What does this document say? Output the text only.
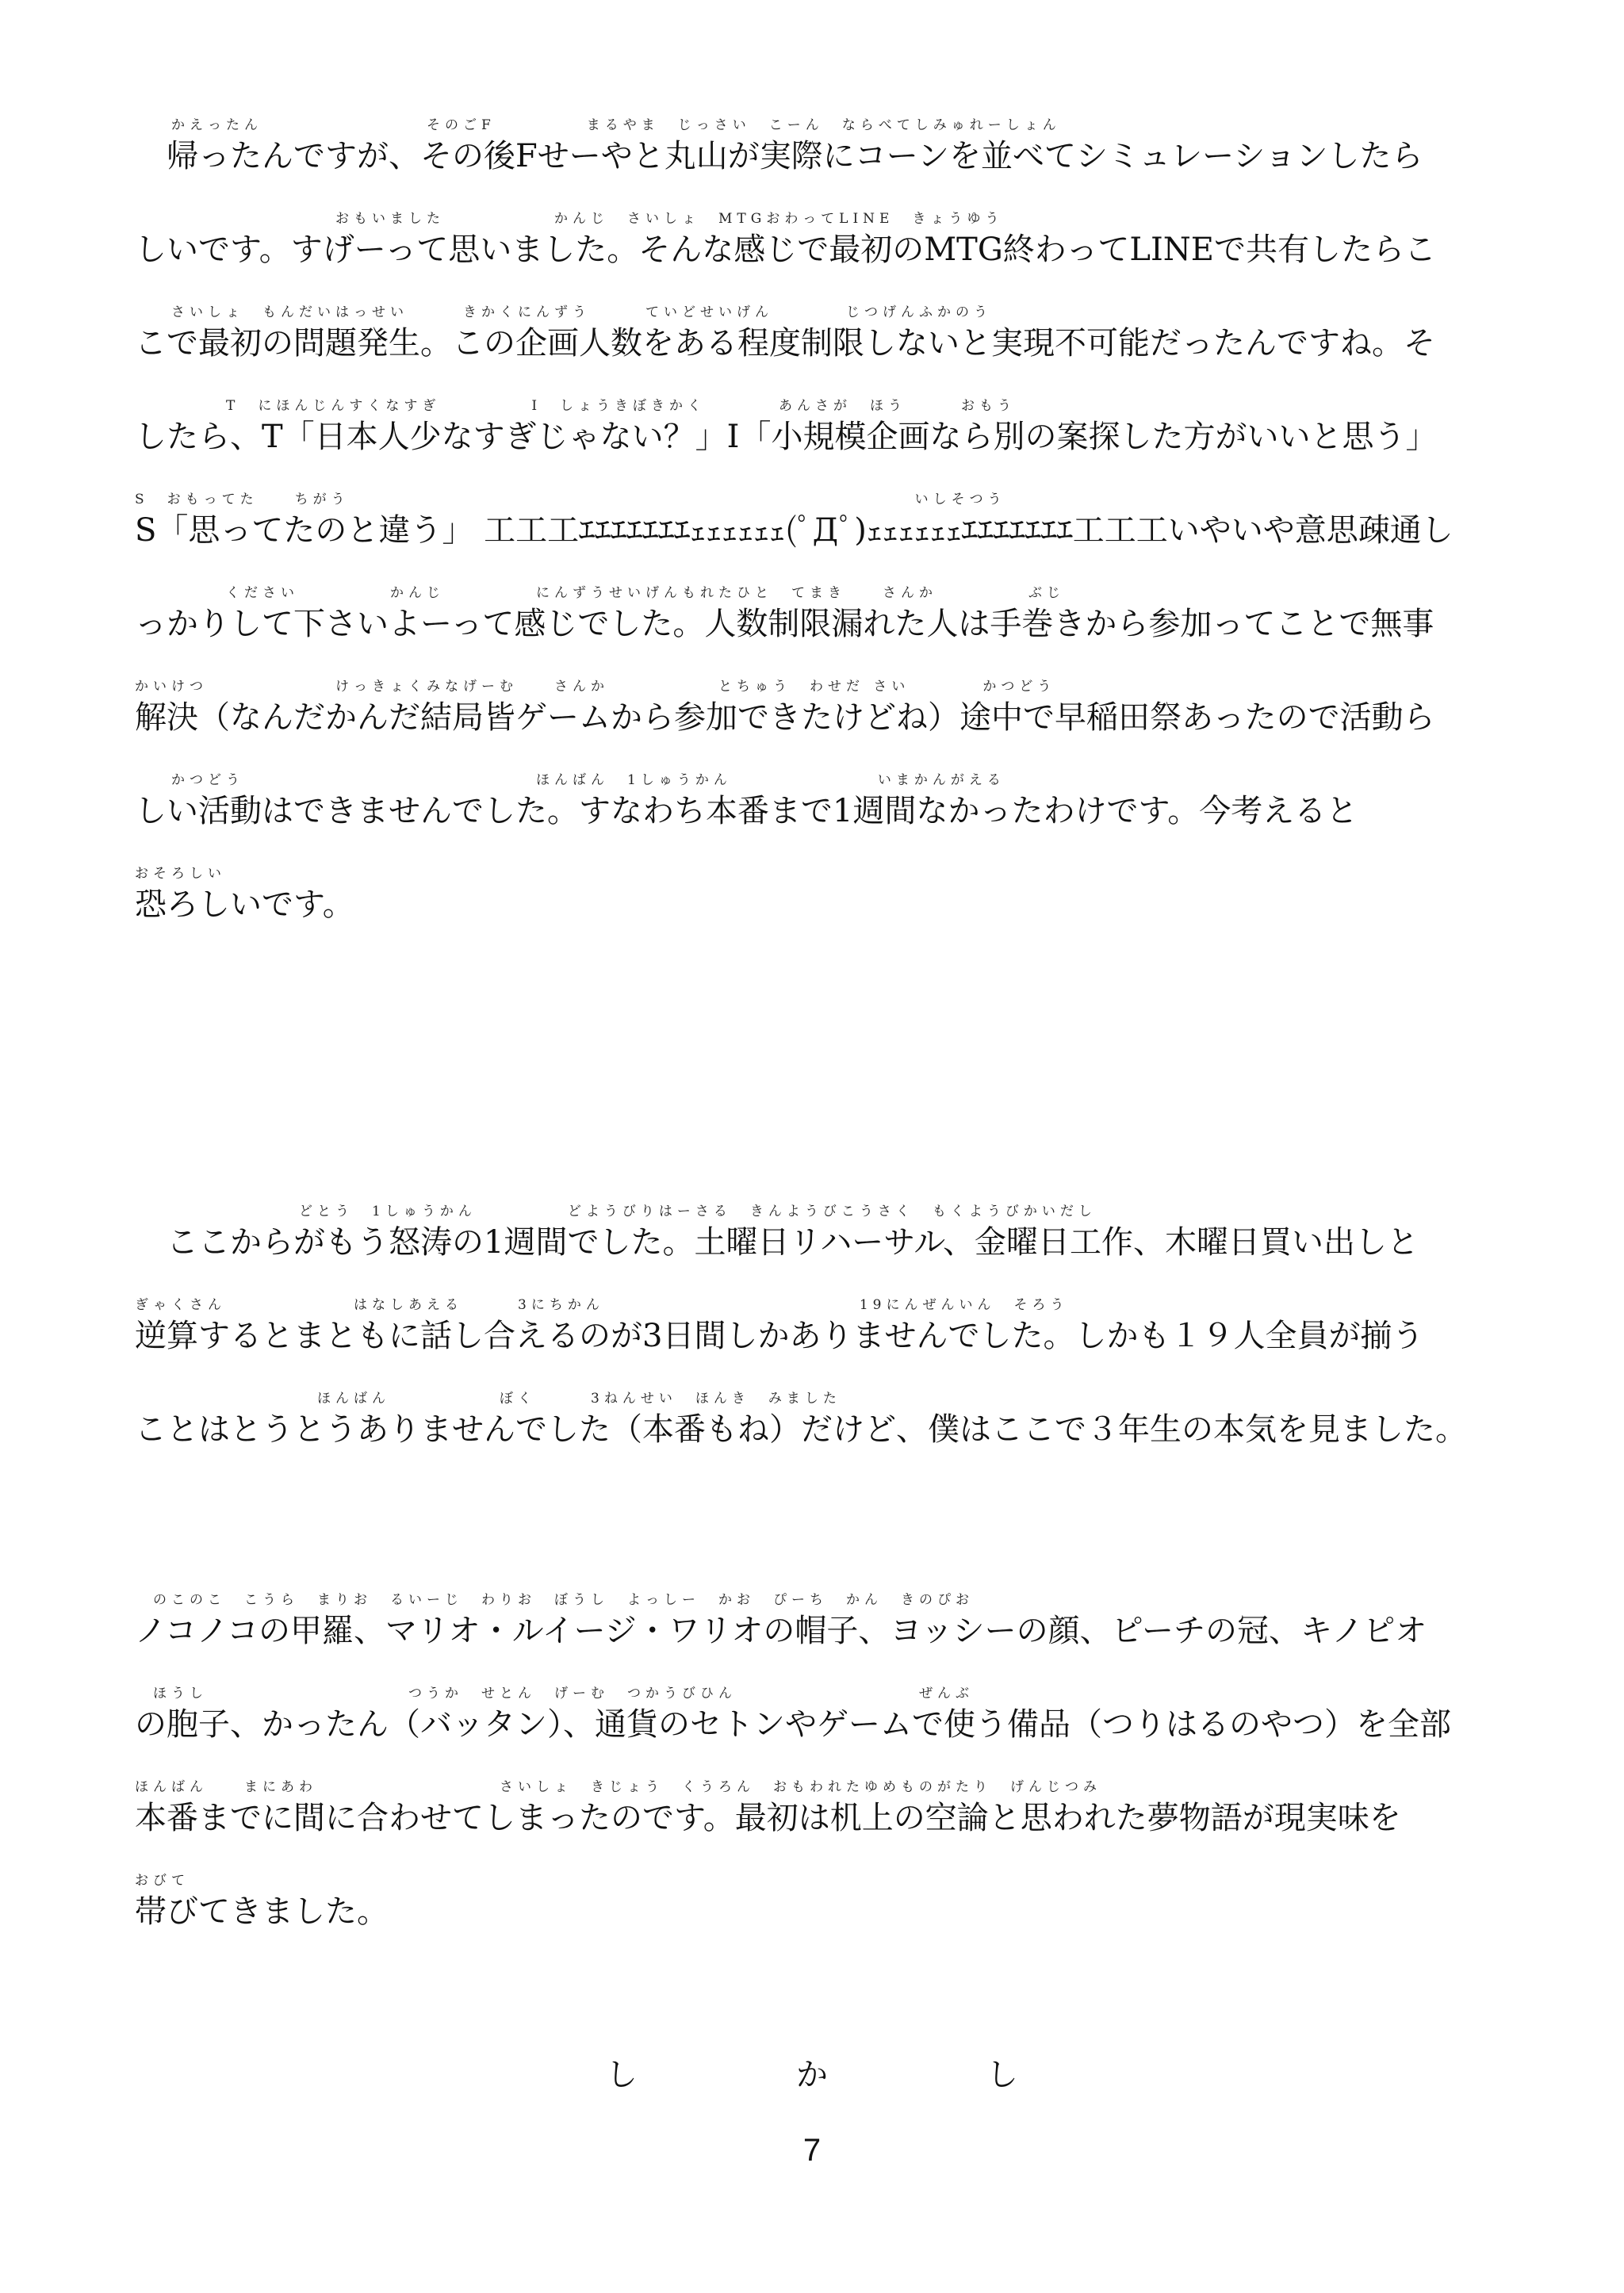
　　かえったん　　　　　　　　　そのごF　　　　　まるやま　じっさい　こーん　ならべてしみゅれーしょん
　帰ったんですが、その後Fせーやと丸山が実際にコーンを並べてシミュレーションしたら
　　　　　　　　　　　おもいました　　　　　　かんじ　さいしょ　MTGおわってLINE　きょうゆう
しいです。すげーって思いました。そんな感じで最初のMTG終わってLINEで共有したらこ
　　さいしょ　もんだいはっせい　　　きかくにんずう　　　ていどせいげん　　　　じつげんふかのう
こで最初の問題発生。この企画人数をある程度制限しないと実現不可能だったんですね。そ
　　　　　T　にほんじんすくなすぎ　　　　　I　しょうきぼきかく　　　　あんさが　ほう　　　おもう
したら、T「日本人少なすぎじゃない？」I「小規模企画なら別の案探した方がいいと思う」
S　おもってた　　ちがう　　　　　　　　　　　　　　　　　　　　　　　　　　　　　　　いしそつう
S「思ってたのと違う」 工工工ｴｴｴｴｴｴｴｪｪｪｪｪｪ(ﾟДﾟ)ｪｪｪｪｪｪｴｴｴｴｴｴｴ工工工いやいや意思疎通し
　　　　　ください　　　　　かんじ　　　　　にんずうせいげんもれたひと　てまき　　さんか　　　　　ぶじ
っかりして下さいよーって感じでした。人数制限漏れた人は手巻きから参加ってことで無事
かいけつ　　　　　　　けっきょくみなげーむ　　さんか　　　　　　とちゅう　わせだ さい　　　　かつどう
解決（なんだかんだ結局皆ゲームから参加できたけどね）途中で早稲田祭あったので活動ら
　　かつどう　　　　　　　　　　　　　　　　ほんばん　1しゅうかん　　　　　　　　いまかんがえる
しい活動はできませんでした。すなわち本番まで1週間なかったわけです。今考えると
おそろしい
恐ろしいです。
　　　　　　　　　どとう　1しゅうかん　　　　　どようびりはーさる　きんようびこうさく　もくようびかいだし
　ここからがもう怒涛の1週間でした。土曜日リハーサル、金曜日工作、木曜日買い出しと
ぎゃくさん　　　　　　　はなしあえる　　　3にちかん　　　　　　　　　　　　　　19にんぜんいん　そろう
逆算するとまともに話し合えるのが3日間しかありませんでした。しかも１９人全員が揃う
　　　　　　　　　　ほんばん　　　　　　ぼく　　　3ねんせい　ほんき　みました
ことはとうとうありませんでした（本番もね）だけど、僕はここで３年生の本気を見ました。
　のこのこ　こうら　まりお　るいーじ　わりお　ぼうし　よっしー　かお　ぴーち　かん　きのぴお
ノコノコの甲羅、マリオ・ルイージ・ワリオの帽子、ヨッシーの顔、ピーチの冠、キノピオ
　ほうし　　　　　　　　　　　つうか　せとん　げーむ　つかうびひん　　　　　　　　　　ぜんぶ
の胞子、かったん（バッタン）、通貨のセトンやゲームで使う備品（つりはるのやつ）を全部
ほんばん　　まにあわ　　　　　　　　　　さいしょ　きじょう　くうろん　おもわれたゆめものがたり　げんじつみ
本番までに間に合わせてしまったのです。最初は机上の空論と思われた夢物語が現実味を
おびて
帯びてきました。
しかし
7
